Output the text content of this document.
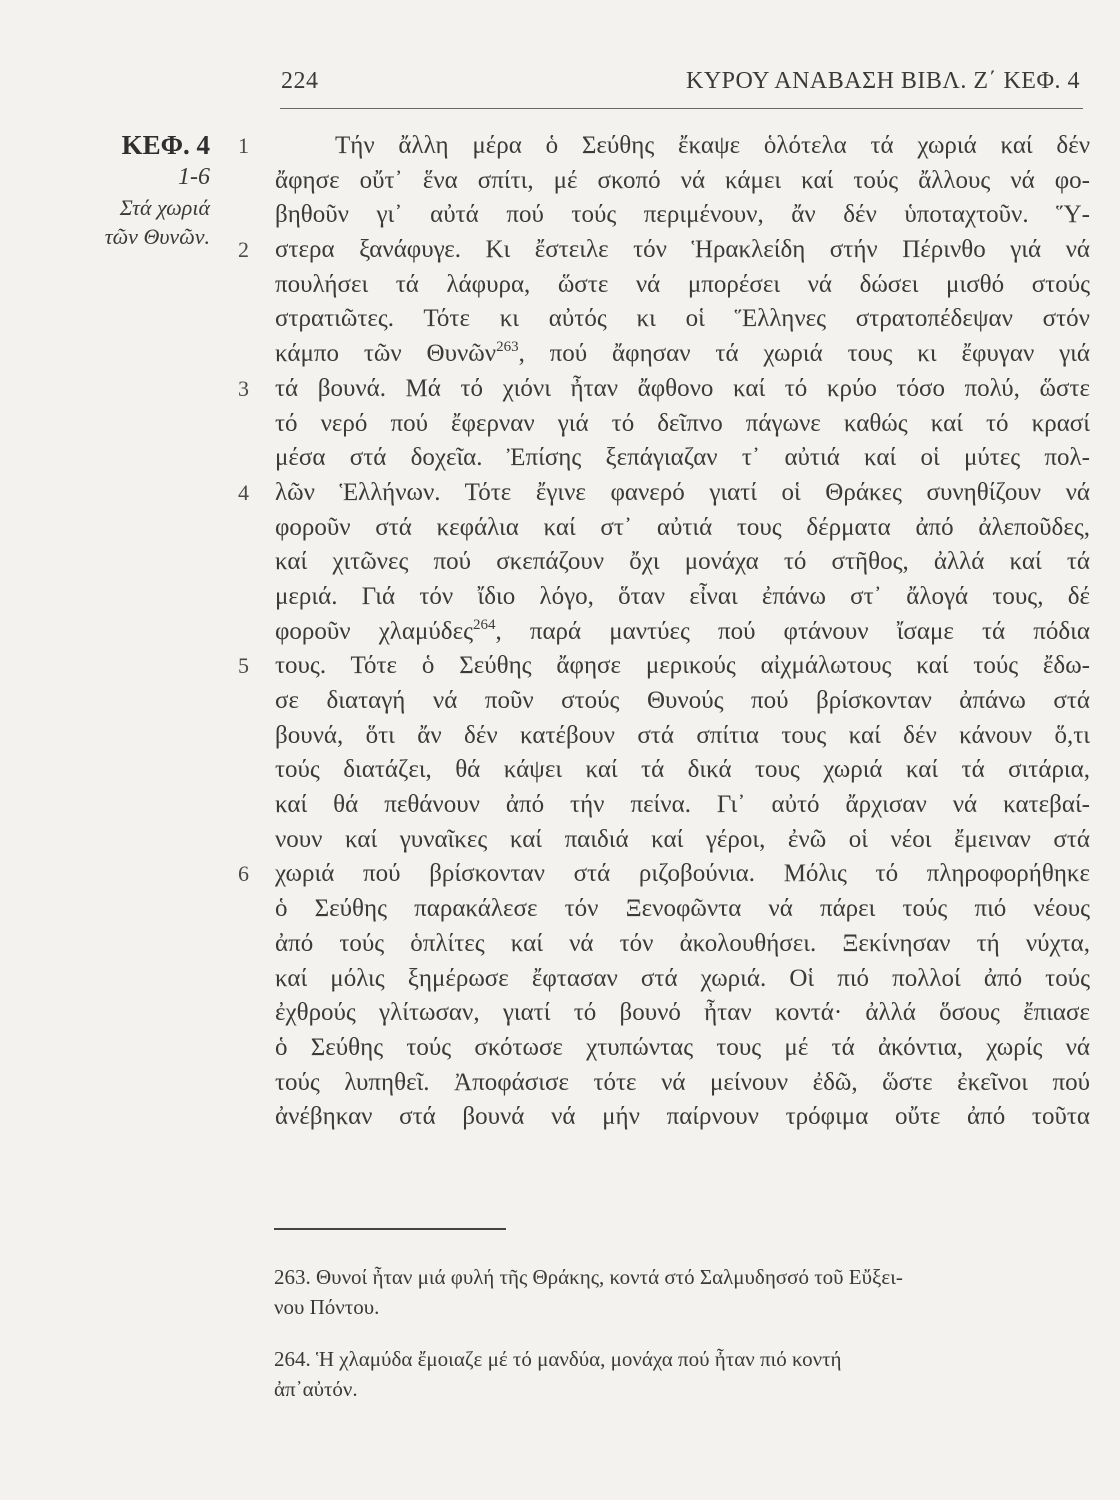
224	ΚΥΡΟΥ ΑΝΑΒΑΣΗ ΒΙΒΛ. Ζ΄ ΚΕΦ. 4
ΚΕΦ. 4
1-6
Στά χωριά
τῶν Θυνῶν.
1	Τήν ἄλλη μέρα ὁ Σεύθης ἔκαψε ὁλότελα τά χωριά καί δέν
ἄφησε οὔτ᾽ ἕνα σπίτι, μέ σκοπό νά κάμει καί τούς ἄλλους νά φο-
βηθοῦν γι᾽ αὐτά πού τούς περιμένουν, ἄν δέν ὑποταχτοῦν. Ὕ-
2	στερα ξανάφυγε. Κι ἔστειλε τόν Ἡρακλείδη στήν Πέρινθο γιά νά
πουλήσει τά λάφυρα, ὥστε νά μπορέσει νά δώσει μισθό στούς
στρατιῶτες. Τότε κι αὐτός κι οἱ Ἕλληνες στρατοπέδεψαν στόν
κάμπο τῶν Θυνῶν$^{263}$, πού ἄφησαν τά χωριά τους κι ἔφυγαν γιά
3	τά βουνά. Μά τό χιόνι ἦταν ἄφθονο καί τό κρύο τόσο πολύ, ὥστε
τό νερό πού ἔφερναν γιά τό δεῖπνο πάγωνε καθώς καί τό κρασί
μέσα στά δοχεῖα. Ἐπίσης ξεπάγιαζαν τ᾽ αὐτιά καί οἱ μύτες πολ-
4	λῶν Ἑλλήνων. Τότε ἔγινε φανερό γιατί οἱ Θράκες συνηθίζουν νά
φοροῦν στά κεφάλια καί στ᾽ αὐτιά τους δέρματα ἀπό ἀλεποῦδες,
καί χιτῶνες πού σκεπάζουν ὄχι μονάχα τό στῆθος, ἀλλά καί τά
μεριά. Γιά τόν ἴδιο λόγο, ὅταν εἶναι ἐπάνω στ᾽ ἄλογά τους, δέ
φοροῦν χλαμύδες$^{264}$, παρά μαντύες πού φτάνουν ἴσαμε τά πόδια
5	τους. Τότε ὁ Σεύθης ἄφησε μερικούς αἰχμάλωτους καί τούς ἔδω-
σε διαταγή νά ποῦν στούς Θυνούς πού βρίσκονταν ἀπάνω στά
βουνά, ὅτι ἄν δέν κατέβουν στά σπίτια τους καί δέν κάνουν ὅ,τι
τούς διατάζει, θά κάψει καί τά δικά τους χωριά καί τά σιτάρια,
καί θά πεθάνουν ἀπό τήν πείνα. Γι᾽ αὐτό ἄρχισαν νά κατεβαί-
νουν καί γυναῖκες καί παιδιά καί γέροι, ἐνῶ οἱ νέοι ἔμειναν στά
6	χωριά πού βρίσκονταν στά ριζοβούνια. Μόλις τό πληροφορήθηκε
ὁ Σεύθης παρακάλεσε τόν Ξενοφῶντα νά πάρει τούς πιό νέους
ἀπό τούς ὁπλίτες καί νά τόν ἀκολουθήσει. Ξεκίνησαν τή νύχτα,
καί μόλις ξημέρωσε ἔφτασαν στά χωριά. Οἱ πιό πολλοί ἀπό τούς
ἐχθρούς γλίτωσαν, γιατί τό βουνό ἦταν κοντά· ἀλλά ὅσους ἔπιασε
ὁ Σεύθης τούς σκότωσε χτυπώντας τους μέ τά ἀκόντια, χωρίς νά
τούς λυπηθεῖ. Ἀποφάσισε τότε νά μείνουν ἐδῶ, ὥστε ἐκεῖνοι πού
ἀνέβηκαν στά βουνά νά μήν παίρνουν τρόφιμα οὔτε ἀπό τοῦτα
263. Θυνοί ἦταν μιά φυλή τῆς Θράκης, κοντά στό Σαλμυδησσό τοῦ Εὔξει-
νου Πόντου.
264. Ἡ χλαμύδα ἔμοιαζε μέ τό μανδύα, μονάχα πού ἦταν πιό κοντή
ἀπ᾽αὐτόν.
